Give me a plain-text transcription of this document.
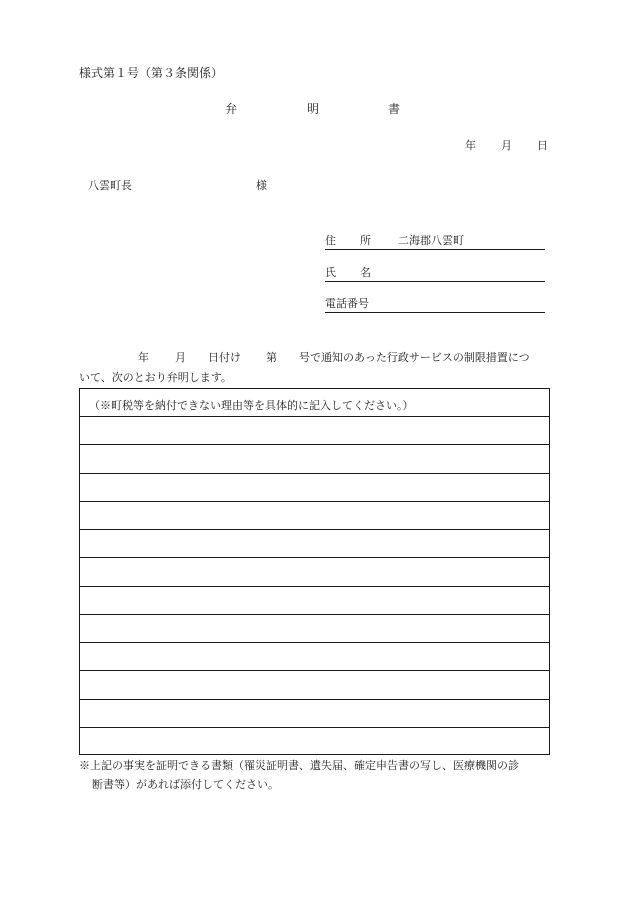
様式第１号（第３条関係）
弁	明	書
年 月 日
八雲町長	様
住 所 二海郡八雲町
氏 名
電話番号
年 月 日付け 第 号で通知のあった行政サービスの制限措置につ
いて、次のとおり弁明します。
（※町税等を納付できない理由等を具体的に記入してください。）
※上記の事実を証明できる書類（罹災証明書、遺失届、確定申告書の写し、医療機関の診
断書等）があれば添付してください。
